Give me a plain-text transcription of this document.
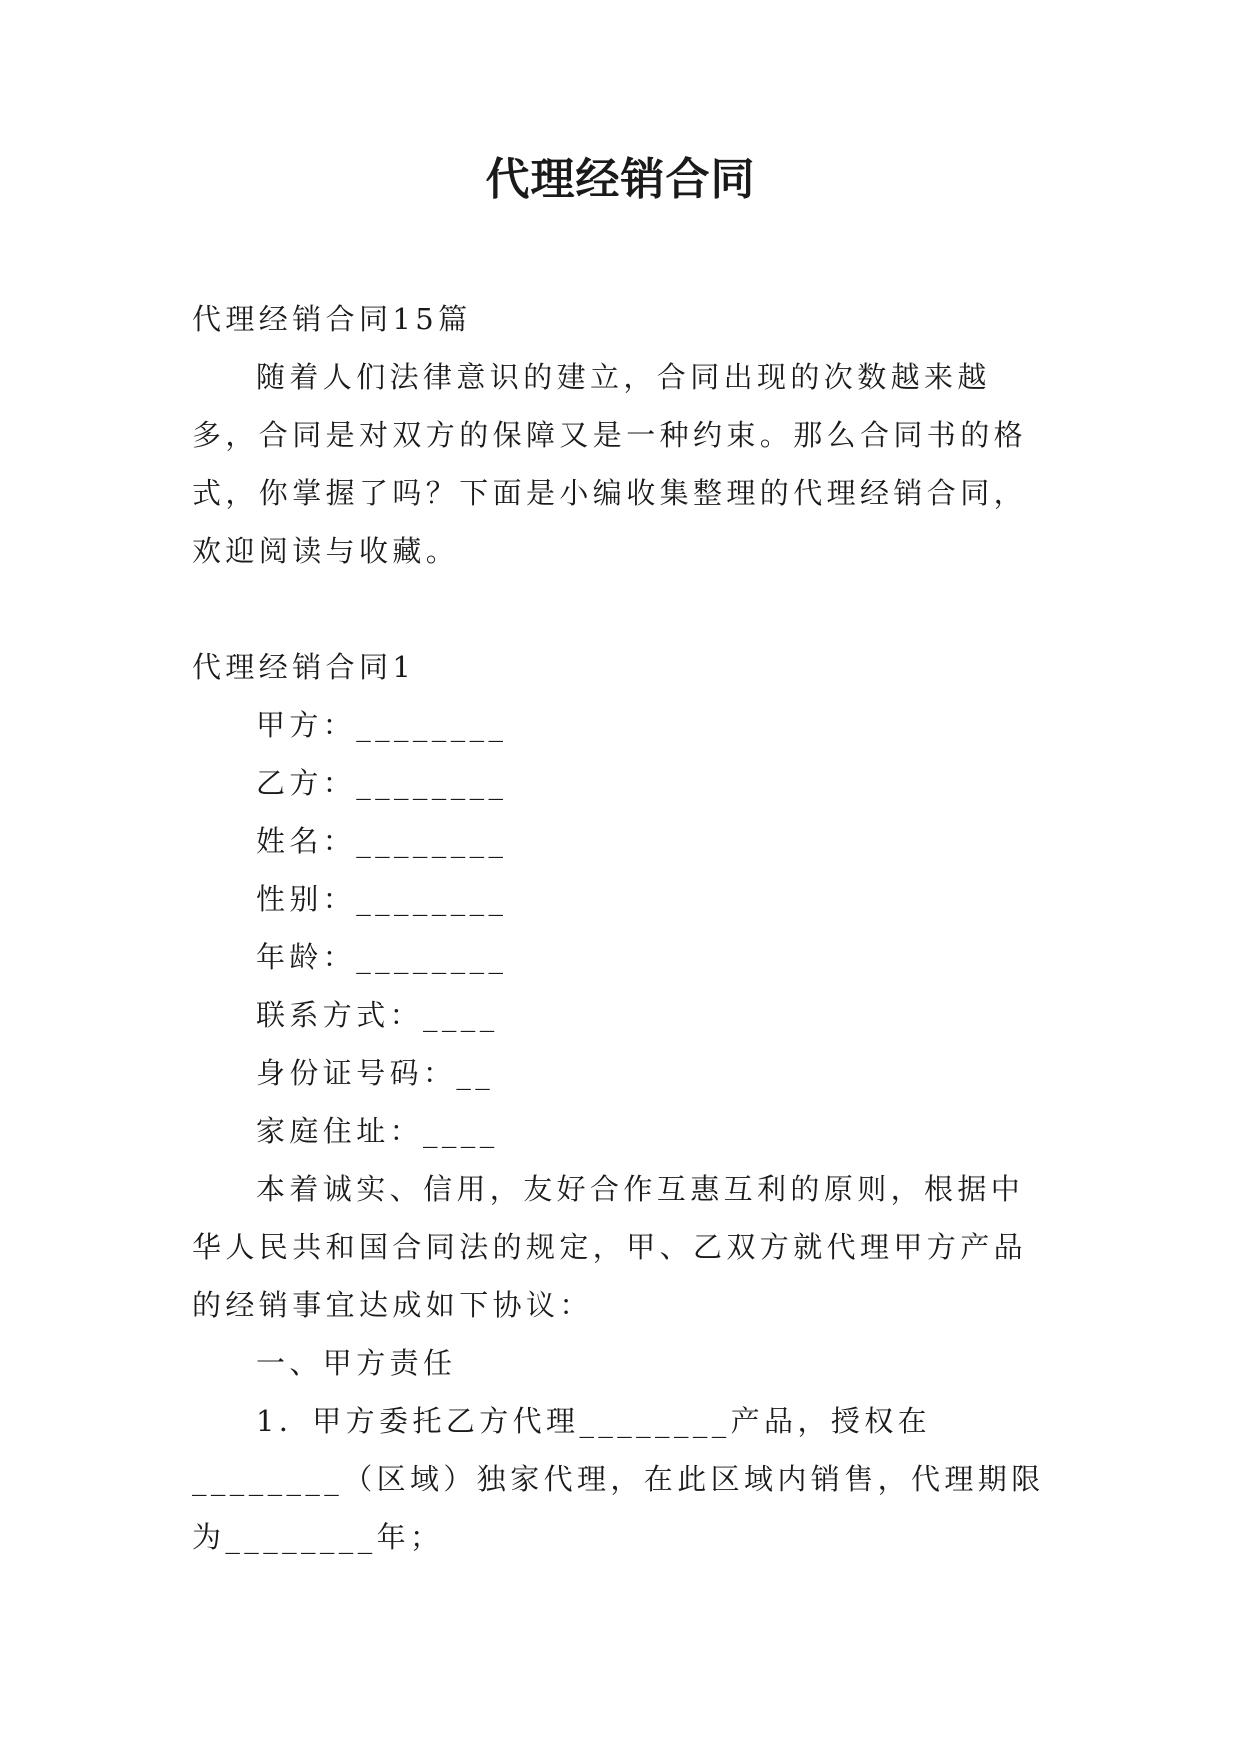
代理经销合同

代理经销合同15篇

随着人们法律意识的建立，合同出现的次数越来越多，合同是对双方的保障又是一种约束。那么合同书的格式，你掌握了吗？下面是小编收集整理的代理经销合同，欢迎阅读与收藏。

代理经销合同1

甲方：________

乙方：________

姓名：________

性别：________

年龄：________

联系方式：____

身份证号码：__

家庭住址：____

本着诚实、信用，友好合作互惠互利的原则，根据中华人民共和国合同法的规定，甲、乙双方就代理甲方产品的经销事宜达成如下协议：

一、甲方责任

1．甲方委托乙方代理________产品，授权在________（区域）独家代理，在此区域内销售，代理期限为________年；
